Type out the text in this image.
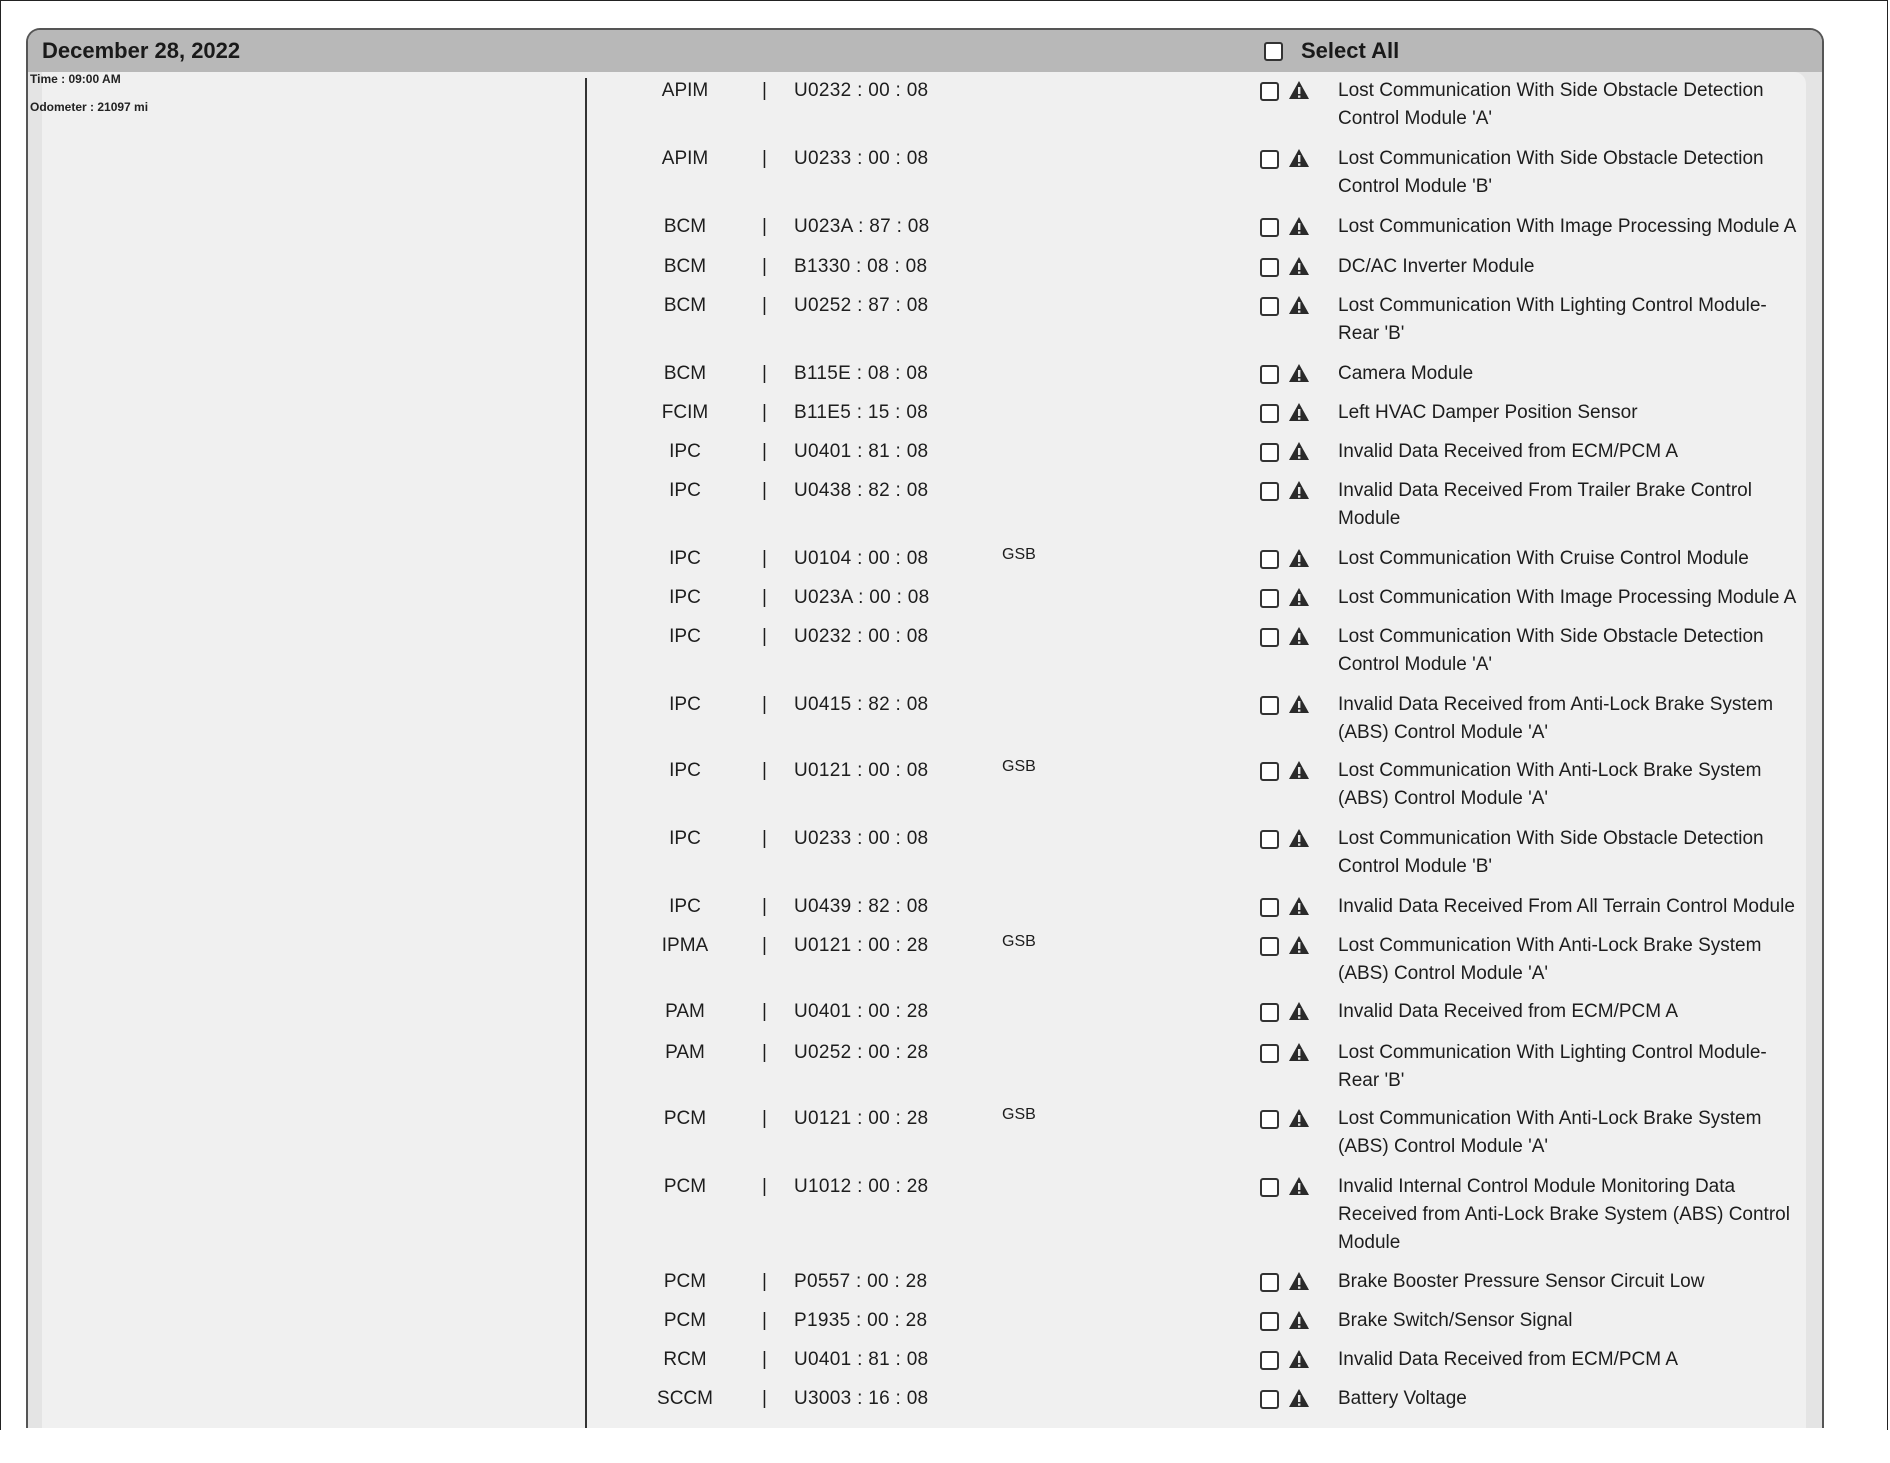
December 28, 2022	Select All
Time : 09:00 AM
Odometer : 21097 mi
APIM	| U0232 : 00 : 08	Lost Communication With Side Obstacle Detection Control Module 'A'
APIM	| U0233 : 00 : 08	Lost Communication With Side Obstacle Detection Control Module 'B'
BCM	| U023A : 87 : 08	Lost Communication With Image Processing Module A
BCM	| B1330 : 08 : 08	DC/AC Inverter Module
BCM	| U0252 : 87 : 08	Lost Communication With Lighting Control Module- Rear 'B'
BCM	| B115E : 08 : 08	Camera Module
FCIM	| B11E5 : 15 : 08	Left HVAC Damper Position Sensor
IPC	| U0401 : 81 : 08	Invalid Data Received from ECM/PCM A
IPC	| U0438 : 82 : 08	Invalid Data Received From Trailer Brake Control Module
IPC	| U0104 : 00 : 08	GSB	Lost Communication With Cruise Control Module
IPC	| U023A : 00 : 08	Lost Communication With Image Processing Module A
IPC	| U0232 : 00 : 08	Lost Communication With Side Obstacle Detection Control Module 'A'
IPC	| U0415 : 82 : 08	Invalid Data Received from Anti-Lock Brake System (ABS) Control Module 'A'
IPC	| U0121 : 00 : 08	GSB	Lost Communication With Anti-Lock Brake System (ABS) Control Module 'A'
IPC	| U0233 : 00 : 08	Lost Communication With Side Obstacle Detection Control Module 'B'
IPC	| U0439 : 82 : 08	Invalid Data Received From All Terrain Control Module
IPMA	| U0121 : 00 : 28	GSB	Lost Communication With Anti-Lock Brake System (ABS) Control Module 'A'
PAM	| U0401 : 00 : 28	Invalid Data Received from ECM/PCM A
PAM	| U0252 : 00 : 28	Lost Communication With Lighting Control Module- Rear 'B'
PCM	| U0121 : 00 : 28	GSB	Lost Communication With Anti-Lock Brake System (ABS) Control Module 'A'
PCM	| U1012 : 00 : 28	Invalid Internal Control Module Monitoring Data Received from Anti-Lock Brake System (ABS) Control Module
PCM	| P0557 : 00 : 28	Brake Booster Pressure Sensor Circuit Low
PCM	| P1935 : 00 : 28	Brake Switch/Sensor Signal
RCM	| U0401 : 81 : 08	Invalid Data Received from ECM/PCM A
SCCM	| U3003 : 16 : 08	Battery Voltage
